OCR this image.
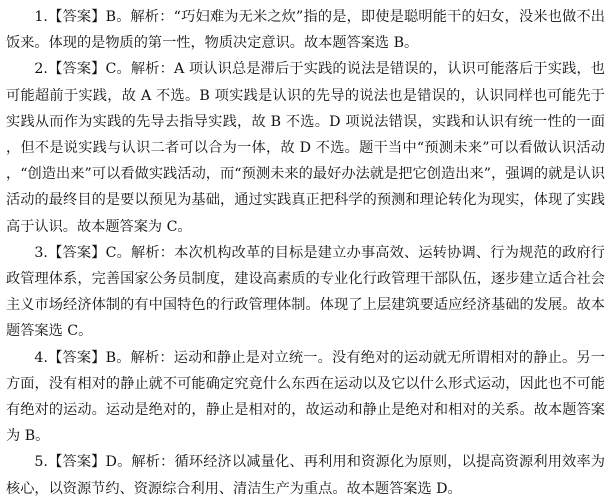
1.【答案】B。解析：“巧妇难为无米之炊”指的是，即使是聪明能干的妇女，没米也做不出饭来。体现的是物质的第一性，物质决定意识。故本题答案选 B。

2.【答案】C。解析：A 项认识总是滞后于实践的说法是错误的，认识可能落后于实践，也可能超前于实践，故 A 不选。B 项实践是认识的先导的说法也是错误的，认识同样也可能先于实践从而作为实践的先导去指导实践，故 B 不选。D 项说法错误，实践和认识有统一性的一面，但不是说实践与认识二者可以合为一体，故 D 不选。题干当中“预测未来”可以看做认识活动，“创造出来”可以看做实践活动，而“预测未来的最好办法就是把它创造出来”，强调的就是认识活动的最终目的是要以预见为基础，通过实践真正把科学的预测和理论转化为现实，体现了实践高于认识。故本题答案为 C。

3.【答案】C。解析：本次机构改革的目标是建立办事高效、运转协调、行为规范的政府行政管理体系，完善国家公务员制度，建设高素质的专业化行政管理干部队伍，逐步建立适合社会主义市场经济体制的有中国特色的行政管理体制。体现了上层建筑要适应经济基础的发展。故本题答案选 C。

4.【答案】B。解析：运动和静止是对立统一。没有绝对的运动就无所谓相对的静止。另一方面，没有相对的静止就不可能确定究竟什么东西在运动以及它以什么形式运动，因此也不可能有绝对的运动。运动是绝对的，静止是相对的，故运动和静止是绝对和相对的关系。故本题答案为 B。

5.【答案】D。解析：循环经济以减量化、再利用和资源化为原则，以提高资源利用效率为核心，以资源节约、资源综合利用、清洁生产为重点。故本题答案选 D。
